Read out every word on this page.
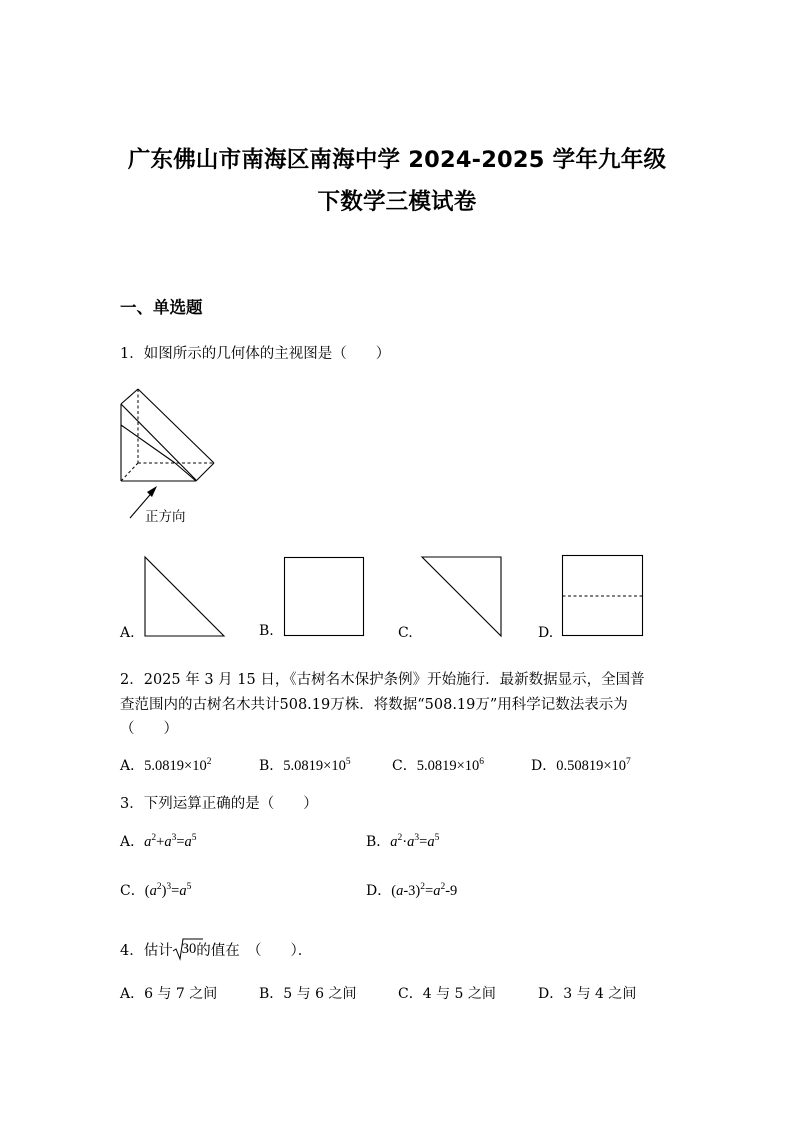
广东佛山市南海区南海中学 2024-2025 学年九年级
下数学三模试卷
一、单选题
1．如图所示的几何体的主视图是（　　）
正方向
A.	B.	C.	D.
2．2025 年 3 月 15 日，《古树名木保护条例》开始施行．最新数据显示，全国普
查范围内的古树名木共计508.19万株．将数据“508.19万”用科学记数法表示为
（　　）
A．$5.0819\times 10^2$	B．$5.0819\times 10^5$	C．$5.0819\times 10^6$	D．$0.50819\times 10^7$
3．下列运算正确的是（　　）
A．$a^2+a^3=a^5$	B．$a^2\cdot a^3=a^5$
C．$(a^2)^3=a^5$	D．$(a-3)^2=a^2-9$
4．估计 30的值在　（　　）．
A．6 与 7 之间	B．5 与 6 之间	C．4 与 5 之间	D．3 与 4 之间
